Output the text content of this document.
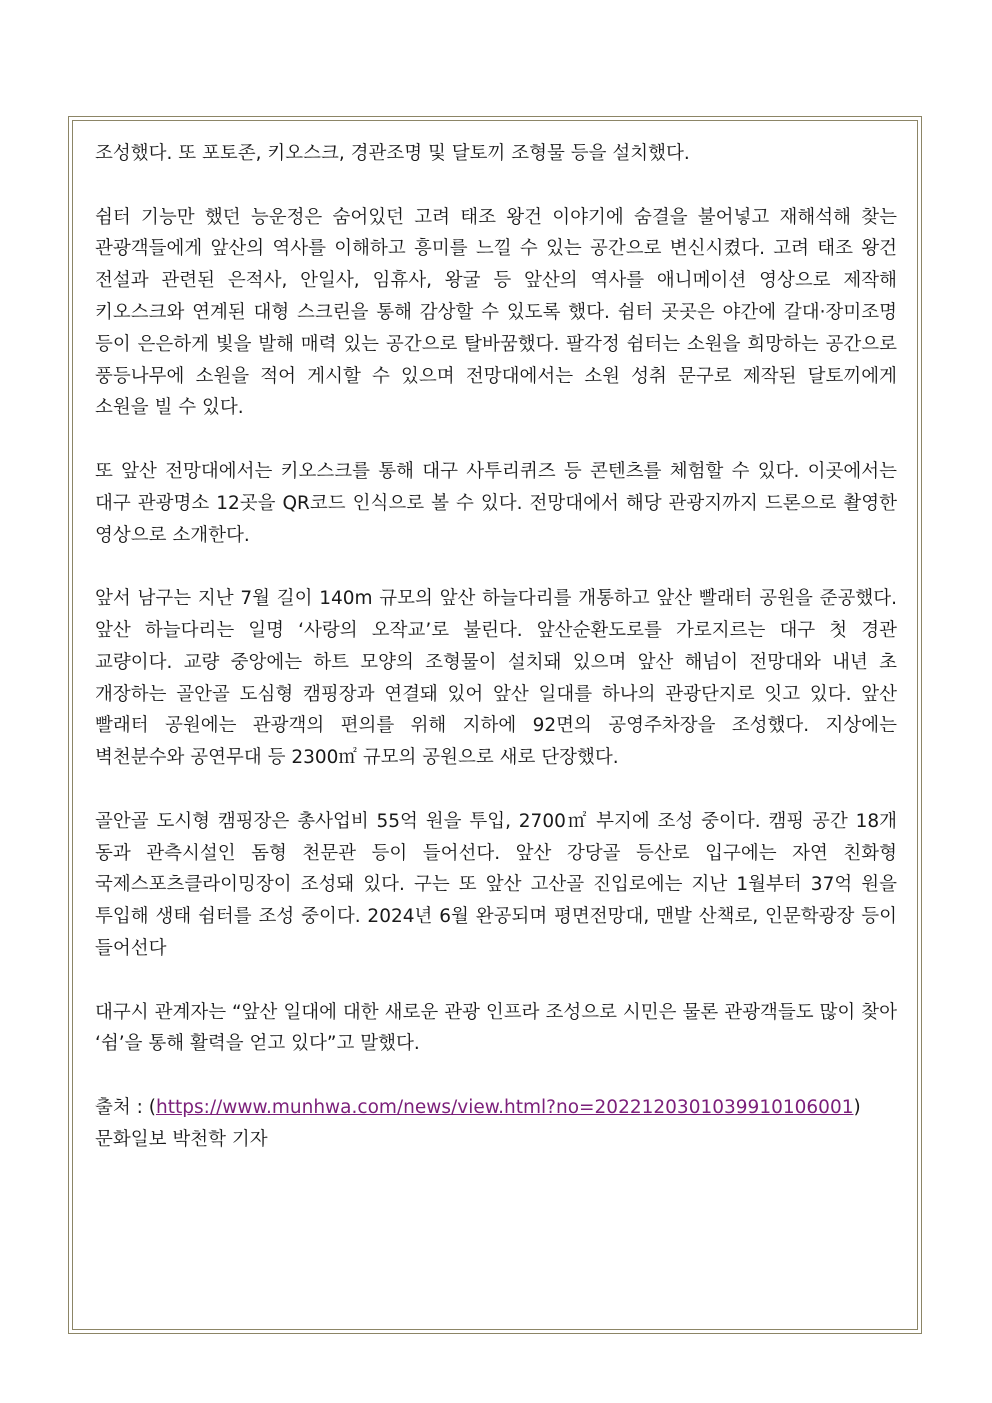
조성했다. 또 포토존, 키오스크, 경관조명 및 달토끼 조형물 등을 설치했다.

쉼터 기능만 했던 능운정은 숨어있던 고려 태조 왕건 이야기에 숨결을 불어넣고 재해석해 찾는 관광객들에게 앞산의 역사를 이해하고 흥미를 느낄 수 있는 공간으로 변신시켰다. 고려 태조 왕건 전설과 관련된 은적사, 안일사, 임휴사, 왕굴 등 앞산의 역사를 애니메이션 영상으로 제작해 키오스크와 연계된 대형 스크린을 통해 감상할 수 있도록 했다. 쉼터 곳곳은 야간에 갈대·장미조명 등이 은은하게 빛을 발해 매력 있는 공간으로 탈바꿈했다. 팔각정 쉼터는 소원을 희망하는 공간으로 풍등나무에 소원을 적어 게시할 수 있으며 전망대에서는 소원 성취 문구로 제작된 달토끼에게 소원을 빌 수 있다.

또 앞산 전망대에서는 키오스크를 통해 대구 사투리퀴즈 등 콘텐츠를 체험할 수 있다. 이곳에서는 대구 관광명소 12곳을 QR코드 인식으로 볼 수 있다. 전망대에서 해당 관광지까지 드론으로 촬영한 영상으로 소개한다.

앞서 남구는 지난 7월 길이 140m 규모의 앞산 하늘다리를 개통하고 앞산 빨래터 공원을 준공했다. 앞산 하늘다리는 일명 ‘사랑의 오작교’로 불린다. 앞산순환도로를 가로지르는 대구 첫 경관 교량이다. 교량 중앙에는 하트 모양의 조형물이 설치돼 있으며 앞산 해넘이 전망대와 내년 초 개장하는 골안골 도심형 캠핑장과 연결돼 있어 앞산 일대를 하나의 관광단지로 잇고 있다. 앞산 빨래터 공원에는 관광객의 편의를 위해 지하에 92면의 공영주차장을 조성했다. 지상에는 벽천분수와 공연무대 등 2300㎡ 규모의 공원으로 새로 단장했다.

골안골 도시형 캠핑장은 총사업비 55억 원을 투입, 2700㎡ 부지에 조성 중이다. 캠핑 공간 18개 동과 관측시설인 돔형 천문관 등이 들어선다. 앞산 강당골 등산로 입구에는 자연 친화형 국제스포츠클라이밍장이 조성돼 있다. 구는 또 앞산 고산골 진입로에는 지난 1월부터 37억 원을 투입해 생태 쉼터를 조성 중이다. 2024년 6월 완공되며 평면전망대, 맨발 산책로, 인문학광장 등이 들어선다

대구시 관계자는 “앞산 일대에 대한 새로운 관광 인프라 조성으로 시민은 물론 관광객들도 많이 찾아 ‘쉼’을 통해 활력을 얻고 있다”고 말했다.

출처 : (https://www.munhwa.com/news/view.html?no=2022120301039910106001)

문화일보 박천학 기자
